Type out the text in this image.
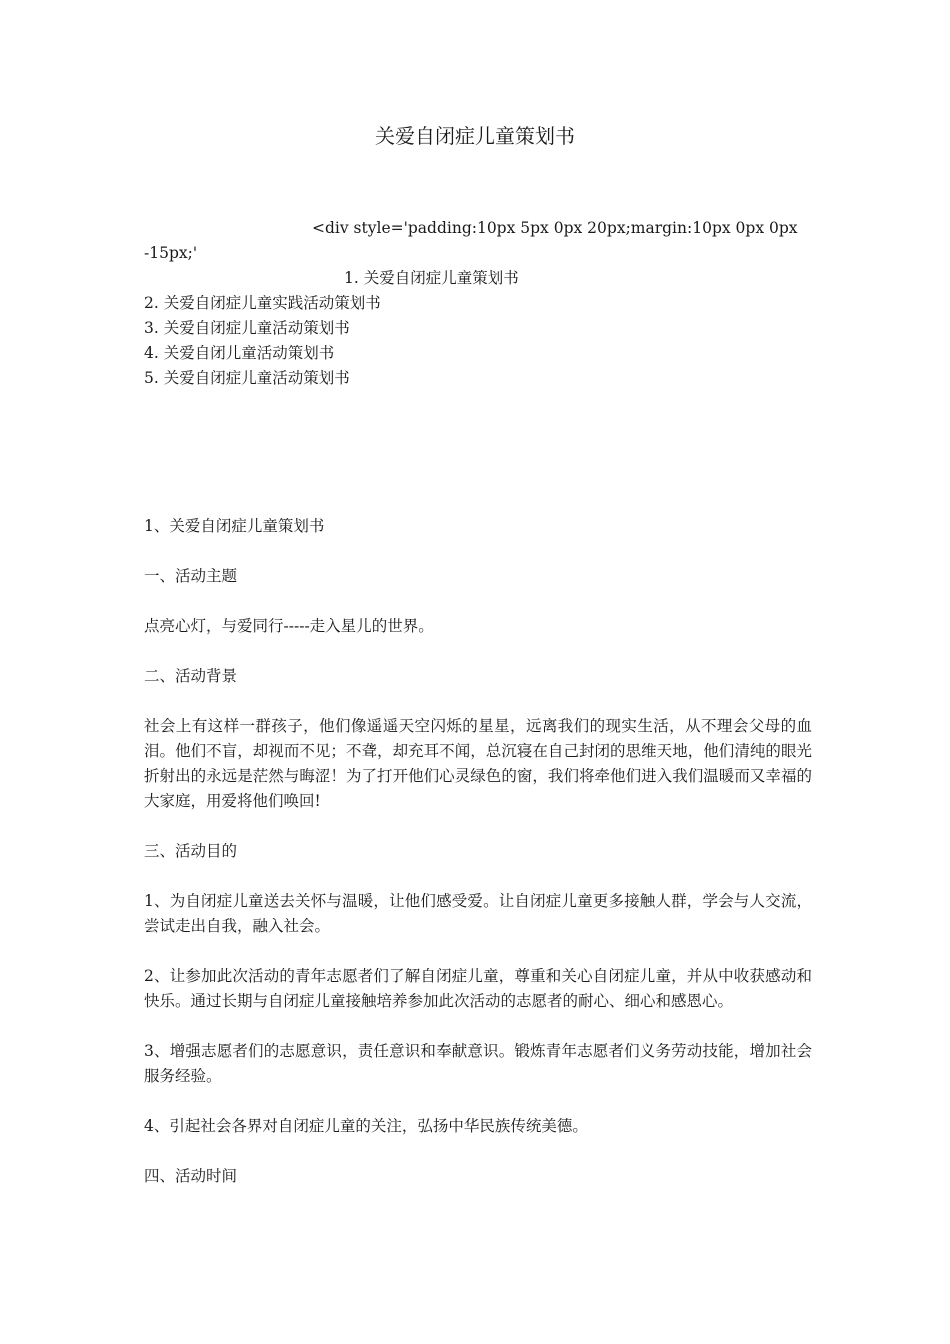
关爱自闭症儿童策划书
<div style='padding:10px 5px 0px 20px;margin:10px 0px 0px
-15px;'
1. 关爱自闭症儿童策划书
2. 关爱自闭症儿童实践活动策划书
3. 关爱自闭症儿童活动策划书
4. 关爱自闭儿童活动策划书
5. 关爱自闭症儿童活动策划书

1、关爱自闭症儿童策划书

一、活动主题

点亮心灯，与爱同行-----走入星儿的世界。

二、活动背景

社会上有这样一群孩子，他们像遥遥天空闪烁的星星，远离我们的现实生活，从不理会父母的血泪。他们不盲，却视而不见；不聋，却充耳不闻，总沉寝在自己封闭的思维天地，他们清纯的眼光折射出的永远是茫然与晦涩！为了打开他们心灵绿色的窗，我们将牵他们进入我们温暖而又幸福的大家庭，用爱将他们唤回!

三、活动目的

1、为自闭症儿童送去关怀与温暖，让他们感受爱。让自闭症儿童更多接触人群，学会与人交流，尝试走出自我，融入社会。

2、让参加此次活动的青年志愿者们了解自闭症儿童，尊重和关心自闭症儿童，并从中收获感动和快乐。通过长期与自闭症儿童接触培养参加此次活动的志愿者的耐心、细心和感恩心。

3、增强志愿者们的志愿意识，责任意识和奉献意识。锻炼青年志愿者们义务劳动技能，增加社会服务经验。

4、引起社会各界对自闭症儿童的关注，弘扬中华民族传统美德。

四、活动时间
